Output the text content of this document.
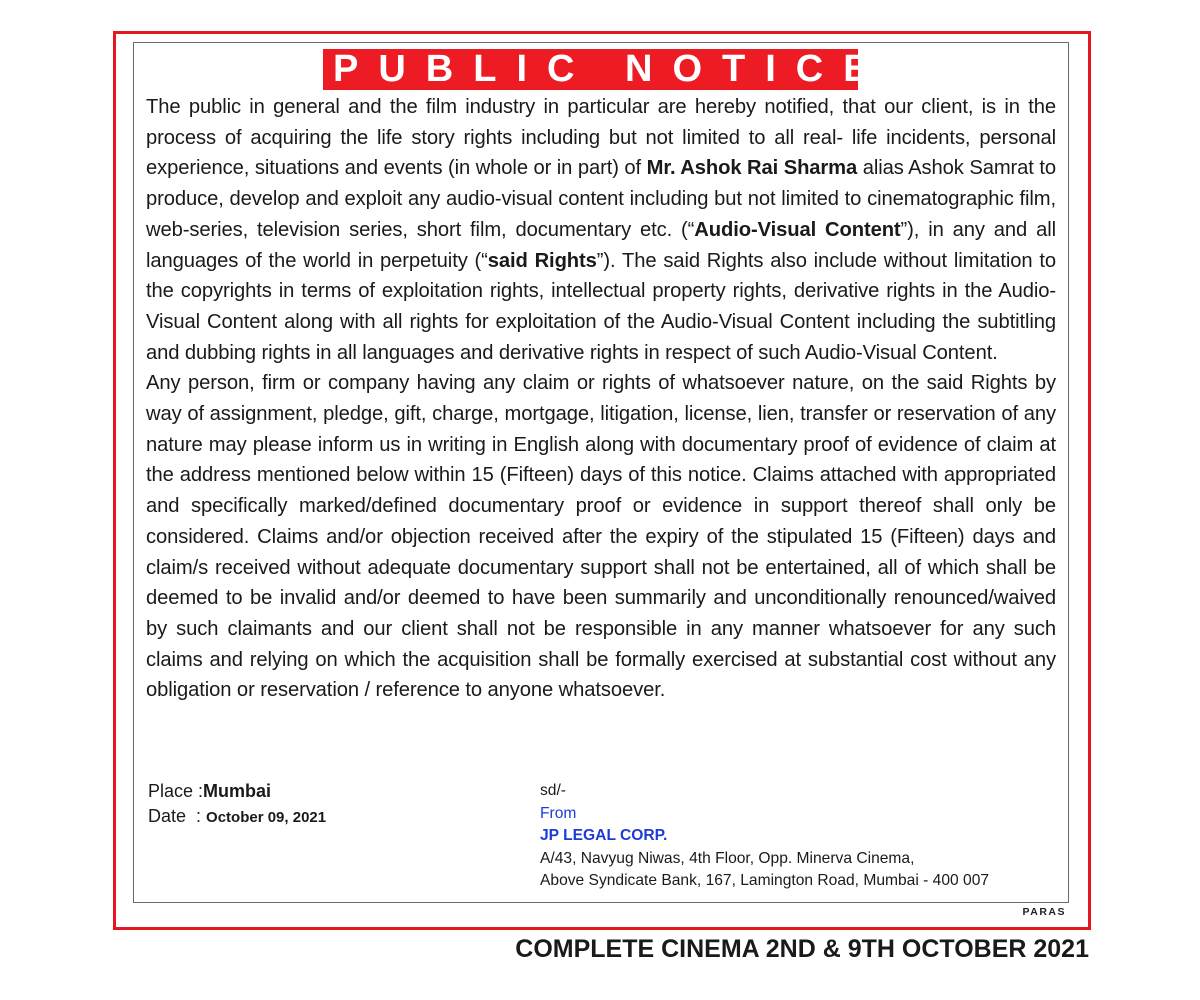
PUBLIC NOTICE

The public in general and the film industry in particular are hereby notified, that our client, is in the process of acquiring the life story rights including but not limited to all real- life incidents, personal experience, situations and events (in whole or in part) of Mr. Ashok Rai Sharma alias Ashok Samrat to produce, develop and exploit any audio-visual content including but not limited to cinematographic film, web-series, television series, short film, documentary etc. (“Audio-Visual Content”), in any and all languages of the world in perpetuity (“said Rights”). The said Rights also include without limitation to the copyrights in terms of exploitation rights, intellectual property rights, derivative rights in the Audio-Visual Content along with all rights for exploitation of the Audio-Visual Content including the subtitling and dubbing rights in all languages and derivative rights in respect of such Audio-Visual Content.

Any person, firm or company having any claim or rights of whatsoever nature, on the said Rights by way of assignment, pledge, gift, charge, mortgage, litigation, license, lien, transfer or reservation of any nature may please inform us in writing in English along with documentary proof of evidence of claim at the address mentioned below within 15 (Fifteen) days of this notice. Claims attached with appropriated and specifically marked/defined documentary proof or evidence in support thereof shall only be considered. Claims and/or objection received after the expiry of the stipulated 15 (Fifteen) days and claim/s received without adequate documentary support shall not be entertained, all of which shall be deemed to be invalid and/or deemed to have been summarily and unconditionally renounced/waived by such claimants and our client shall not be responsible in any manner whatsoever for any such claims and relying on which the acquisition shall be formally exercised at substantial cost without any obligation or reservation / reference to anyone whatsoever.

Place :Mumbai
Date  : October 09, 2021
sd/-
From
JP LEGAL CORP.
A/43, Navyug Niwas, 4th Floor, Opp. Minerva Cinema,
Above Syndicate Bank, 167, Lamington Road, Mumbai - 400 007
PARAS
COMPLETE CINEMA 2ND & 9TH OCTOBER 2021
